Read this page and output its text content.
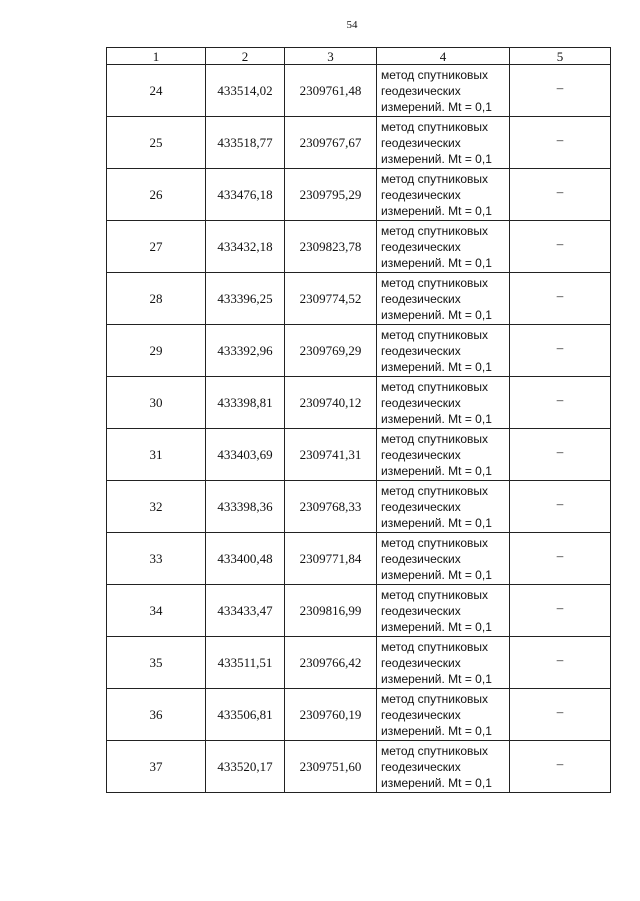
54
1	2	3	4	5
24	433514,02	2309761,48	метод спутниковых
геодезических
измерений. Mt = 0,1	–
25	433518,77	2309767,67	метод спутниковых
геодезических
измерений. Mt = 0,1	–
26	433476,18	2309795,29	метод спутниковых
геодезических
измерений. Mt = 0,1	–
27	433432,18	2309823,78	метод спутниковых
геодезических
измерений. Mt = 0,1	–
28	433396,25	2309774,52	метод спутниковых
геодезических
измерений. Mt = 0,1	–
29	433392,96	2309769,29	метод спутниковых
геодезических
измерений. Mt = 0,1	–
30	433398,81	2309740,12	метод спутниковых
геодезических
измерений. Mt = 0,1	–
31	433403,69	2309741,31	метод спутниковых
геодезических
измерений. Mt = 0,1	–
32	433398,36	2309768,33	метод спутниковых
геодезических
измерений. Mt = 0,1	–
33	433400,48	2309771,84	метод спутниковых
геодезических
измерений. Mt = 0,1	–
34	433433,47	2309816,99	метод спутниковых
геодезических
измерений. Mt = 0,1	–
35	433511,51	2309766,42	метод спутниковых
геодезических
измерений. Mt = 0,1	–
36	433506,81	2309760,19	метод спутниковых
геодезических
измерений. Mt = 0,1	–
37	433520,17	2309751,60	метод спутниковых
геодезических
измерений. Mt = 0,1	–
